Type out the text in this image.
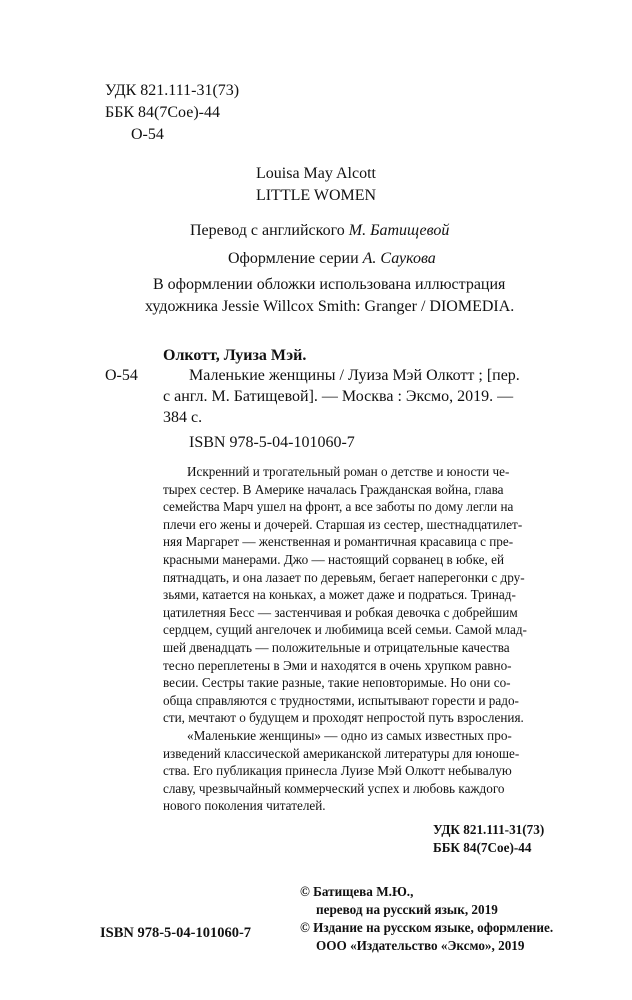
УДК 821.111-31(73)
ББК 84(7Сое)-44
О-54
Louisa May Alcott
LITTLE WOMEN
Перевод с английского М. Батищевой
Оформление серии А. Саукова
В оформлении обложки использована иллюстрация
художника Jessie Willcox Smith: Granger / DIOMEDIA.
Олкотт, Луиза Мэй.
О-54	Маленькие женщины / Луиза Мэй Олкотт ; [пер.
с англ. М. Батищевой]. — Москва : Эксмо, 2019. —
384 с.
ISBN 978-5-04-101060-7

Искренний и трогательный роман о детстве и юности че-

тырех сестер. В Америке началась Гражданская война, глава

семейства Марч ушел на фронт, а все заботы по дому легли на

плечи его жены и дочерей. Старшая из сестер, шестнадцатилет-

няя Маргарет — женственная и романтичная красавица с пре-

красными манерами. Джо — настоящий сорванец в юбке, ей

пятнадцать, и она лазает по деревьям, бегает наперегонки с дру-

зьями, катается на коньках, а может даже и подраться. Тринад-

цатилетняя Бесс — застенчивая и робкая девочка с добрейшим

сердцем, сущий ангелочек и любимица всей семьи. Самой млад-

шей двенадцать — положительные и отрицательные качества

тесно переплетены в Эми и находятся в очень хрупком равно-

весии. Сестры такие разные, такие неповторимые. Но они со-

обща справляются с трудностями, испытывают горести и радо-

сти, мечтают о будущем и проходят непростой путь взросления.

«Маленькие женщины» — одно из самых известных про-

изведений классической американской литературы для юноше-

ства. Его публикация принесла Луизе Мэй Олкотт небывалую

славу, чрезвычайный коммерческий успех и любовь каждого

нового поколения читателей.

УДК 821.111-31(73)
ББК 84(7Сое)-44
© Батищева М.Ю.,
перевод на русский язык, 2019
© Издание на русском языке, оформление.
ООО «Издательство «Эксмо», 2019
ISBN 978-5-04-101060-7
